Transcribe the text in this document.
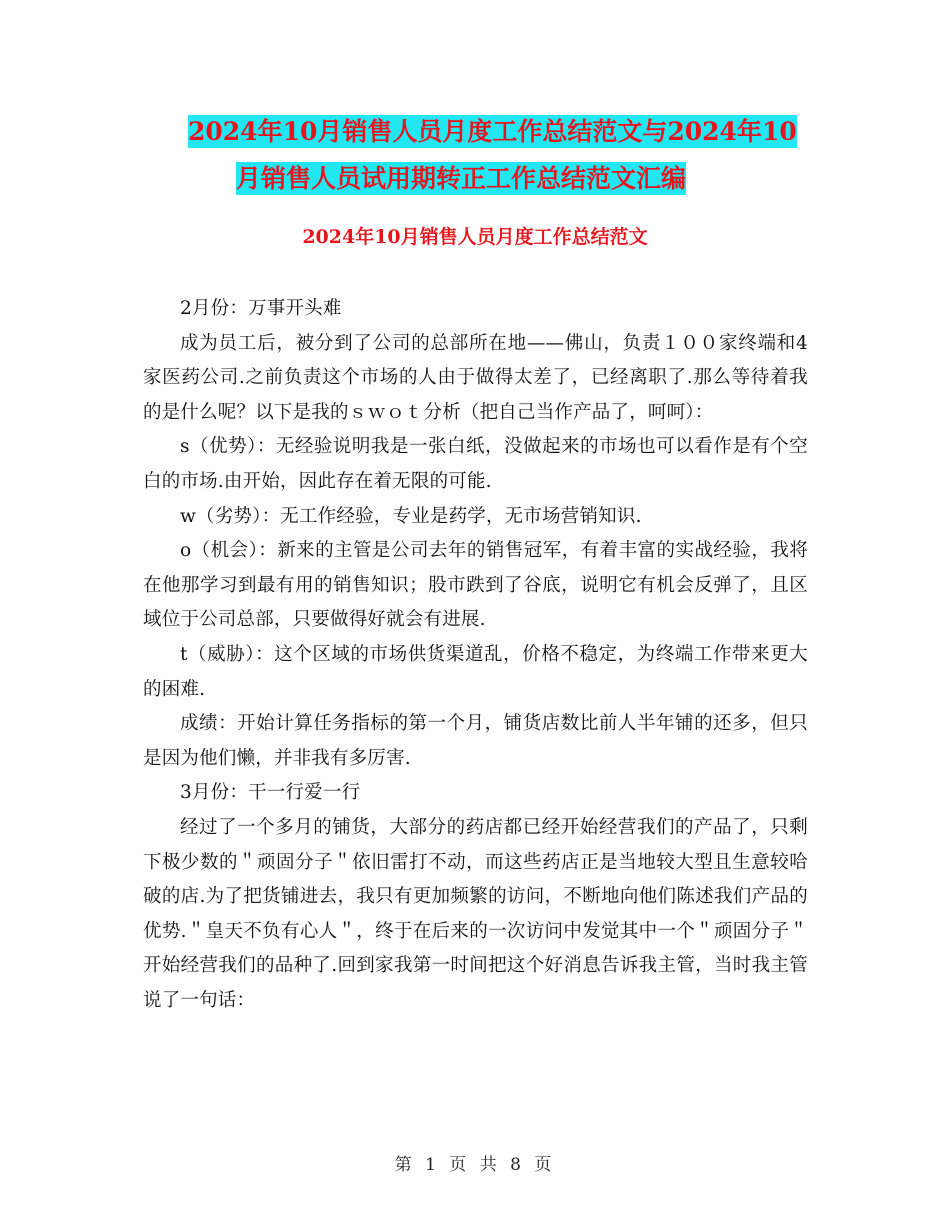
2024年10月销售人员月度工作总结范文与2024年10
月销售人员试用期转正工作总结范文汇编
2024年10月销售人员月度工作总结范文

2月份：万事开头难

成为员工后，被分到了公司的总部所在地——佛山，负责１００家终端和4家医药公司.之前负责这个市场的人由于做得太差了，已经离职了.那么等待着我的是什么呢？以下是我的ｓｗｏｔ分析（把自己当作产品了，呵呵）：

s（优势）：无经验说明我是一张白纸，没做起来的市场也可以看作是有个空白的市场.由开始，因此存在着无限的可能.

w（劣势）：无工作经验，专业是药学，无市场营销知识.

o（机会）：新来的主管是公司去年的销售冠军，有着丰富的实战经验，我将在他那学习到最有用的销售知识；股市跌到了谷底，说明它有机会反弹了，且区域位于公司总部，只要做得好就会有进展.

t（威胁）：这个区域的市场供货渠道乱，价格不稳定，为终端工作带来更大的困难.

成绩：开始计算任务指标的第一个月，铺货店数比前人半年铺的还多，但只是因为他们懒，并非我有多厉害.

3月份：干一行爱一行

经过了一个多月的铺货，大部分的药店都已经开始经营我们的产品了，只剩下极少数的＂顽固分子＂依旧雷打不动，而这些药店正是当地较大型且生意较哈破的店.为了把货铺进去，我只有更加频繁的访问，不断地向他们陈述我们产品的优势.＂皇天不负有心人＂，终于在后来的一次访问中发觉其中一个＂顽固分子＂开始经营我们的品种了.回到家我第一时间把这个好消息告诉我主管，当时我主管说了一句话：

第 1 页 共 8 页
